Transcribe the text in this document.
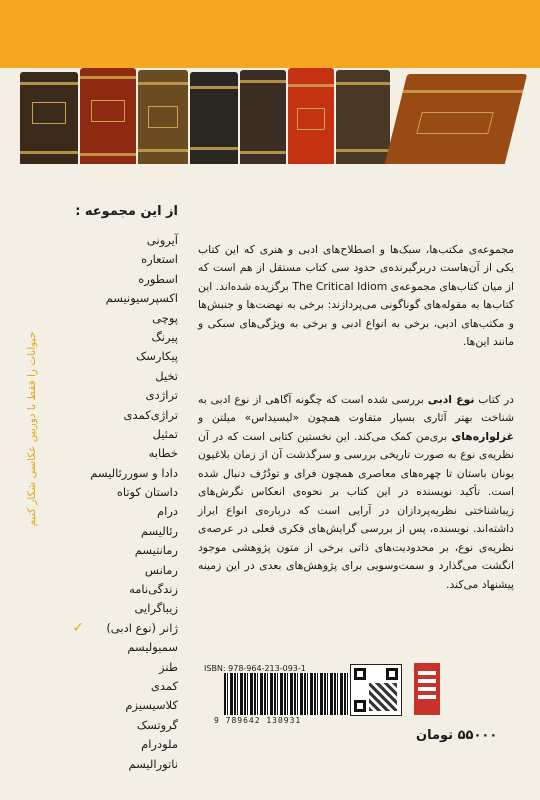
از این مجموعه :
آیرونی
استعاره
اسطوره
اکسپرسیونیسم
پوچی
پیرنگ
پیکارسک
تخیل
تراژدی
تراژی‌کمدی
تمثیل
خطابه
دادا و سوررئالیسم
داستان کوتاه
درام
رئالیسم
رمانتیسم
رمانس
زندگی‌نامه
زیباگرایی
ژانر (نوع ادبی)
✓
سمبولیسم
طنز
کمدی
کلاسیسیزم
گروتسک
ملودرام
ناتورالیسم
حیوانات را فقط با دوربین عکاسی شکار کنیم

مجموعه‌ی مکتب‌ها، سبک‌ها و اصطلاح‌های ادبی و هنری که این کتاب یکی از آن‌هاست دربرگیرنده‌ی حدود سی کتاب مستقل از هم است که از میان کتاب‌های مجموعه‌ی The Critical Idiom برگزیده شده‌اند. این کتاب‌ها به مقوله‌های گوناگونی می‌پردازند: برخی به نهضت‌ها و جنبش‌ها و مکتب‌های ادبی، برخی به انواع ادبی و برخی به ویژگی‌های سبکی و مانند این‌ها.

در کتاب نوع ادبی بررسی شده است که چگونه آگاهی از نوع ادبی به شناخت بهتر آثاری بسیار متفاوت همچون «لیسیداس» میلتن و غزلواره‌های بری‌من کمک می‌کند. این نخستین کتابی است که در آن نظریه‌ی نوع به صورت تاریخی بررسی و سرگذشت آن از زمان بلاغیون یونان باستان تا چهره‌های معاصری همچون فرای و تودُرُف دنبال شده است. تأکید نویسنده در این کتاب بر نحوه‌ی انعکاس نگرش‌های زیباشناختی نظریه‌پردازان در آرایی است که درباره‌ی انواع ابراز داشته‌اند. نویسنده، پس از بررسی گرایش‌های فکری فعلی در عرصه‌ی نظریه‌ی نوع، بر محدودیت‌های ذاتی برخی از متون پژوهشی موجود انگشت می‌گذارد و سمت‌وسویی برای پژوهش‌های بعدی در این زمینه پیشنهاد می‌کند.

ISBN: 978-964-213-093-1
9 789642 130931
۵۵۰۰۰ تومان
